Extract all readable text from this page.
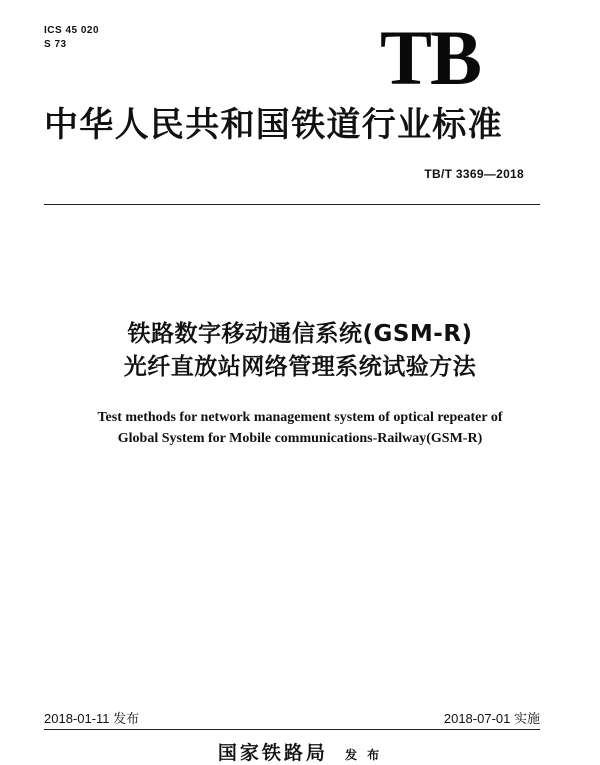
ICS 45 020
S 73	TB
中华人民共和国铁道行业标准
TB/T 3369—2018
铁路数字移动通信系统(GSM-R)
光纤直放站网络管理系统试验方法
Test methods for network management system of optical repeater of
Global System for Mobile communications-Railway(GSM-R)
2018-01-11 发布	2018-07-01 实施
国家铁路局 发 布
